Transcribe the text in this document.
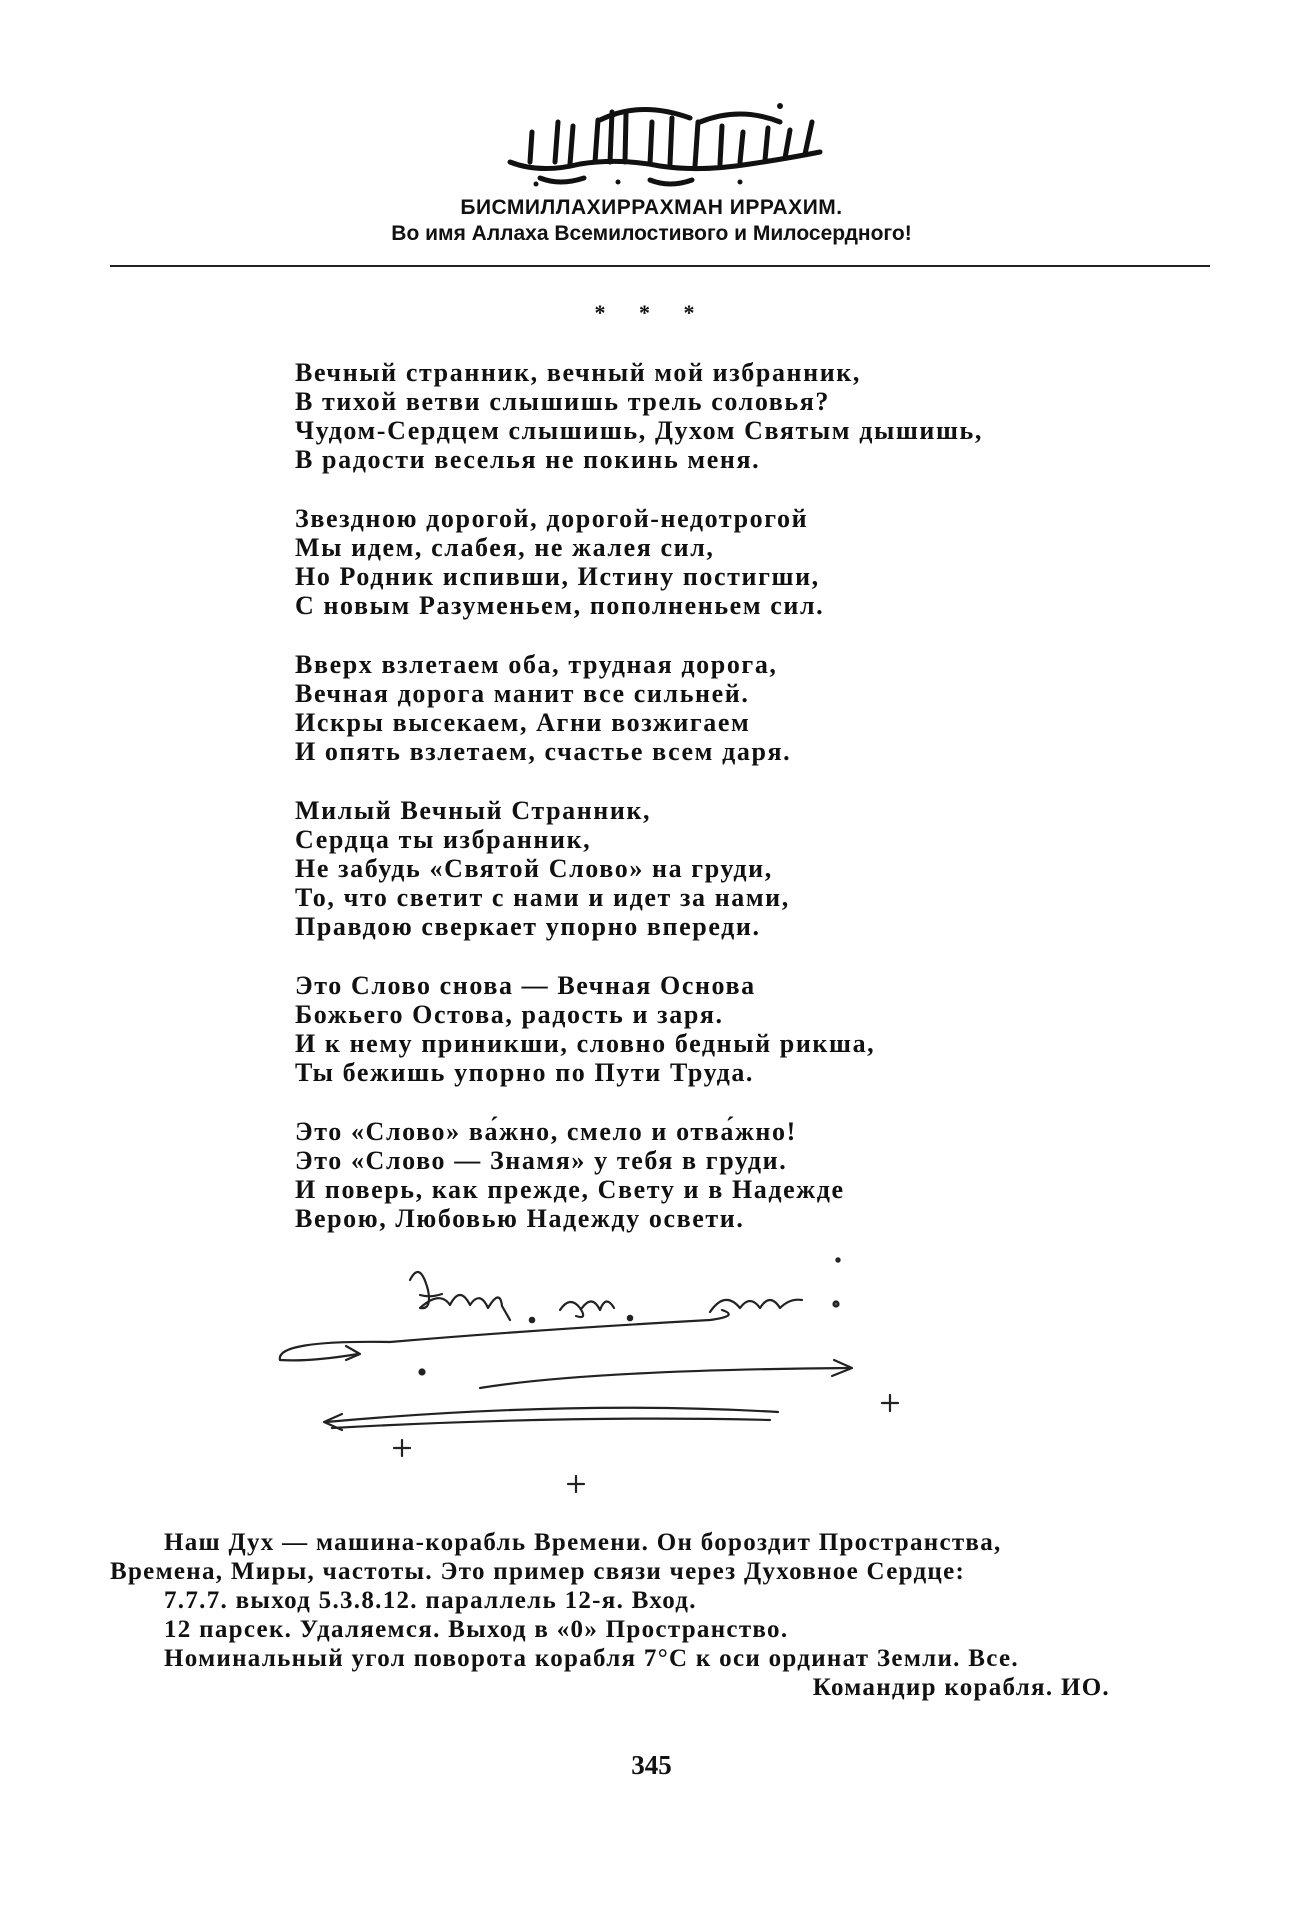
БИСМИЛЛАХИРРАХМАН ИРРАХИМ.
Во имя Аллаха Всемилостивого и Милосердного!
* * *
Вечный странник, вечный мой избранник,
В тихой ветви слышишь трель соловья?
Чудом-Сердцем слышишь, Духом Святым дышишь,
В радости веселья не покинь меня.
Звездною дорогой, дорогой-недотрогой
Мы идем, слабея, не жалея сил,
Но Родник испивши, Истину постигши,
С новым Разуменьем, пополненьем сил.
Вверх взлетаем оба, трудная дорога,
Вечная дорога манит все сильней.
Искры высекаем, Агни возжигаем
И опять взлетаем, счастье всем даря.
Милый Вечный Странник,
Сердца ты избранник,
Не забудь «Святой Слово» на груди,
То, что светит с нами и идет за нами,
Правдою сверкает упорно впереди.
Это Слово снова — Вечная Основа
Божьего Остова, радость и заря.
И к нему приникши, словно бедный рикша,
Ты бежишь упорно по Пути Труда.
Это «Слово» ва́жно, смело и отва́жно!
Это «Слово — Знамя» у тебя в груди.
И поверь, как прежде, Свету и в Надежде
Верою, Любовью Надежду освети.
Наш Дух — машина-корабль Времени. Он бороздит Пространства,
Времена, Миры, частоты. Это пример связи через Духовное Сердце:
7.7.7. выход 5.3.8.12. параллель 12-я. Вход.
12 парсек. Удаляемся. Выход в «0» Пространство.
Номинальный угол поворота корабля 7°С к оси ординат Земли. Все.
Командир корабля. ИО.
345
